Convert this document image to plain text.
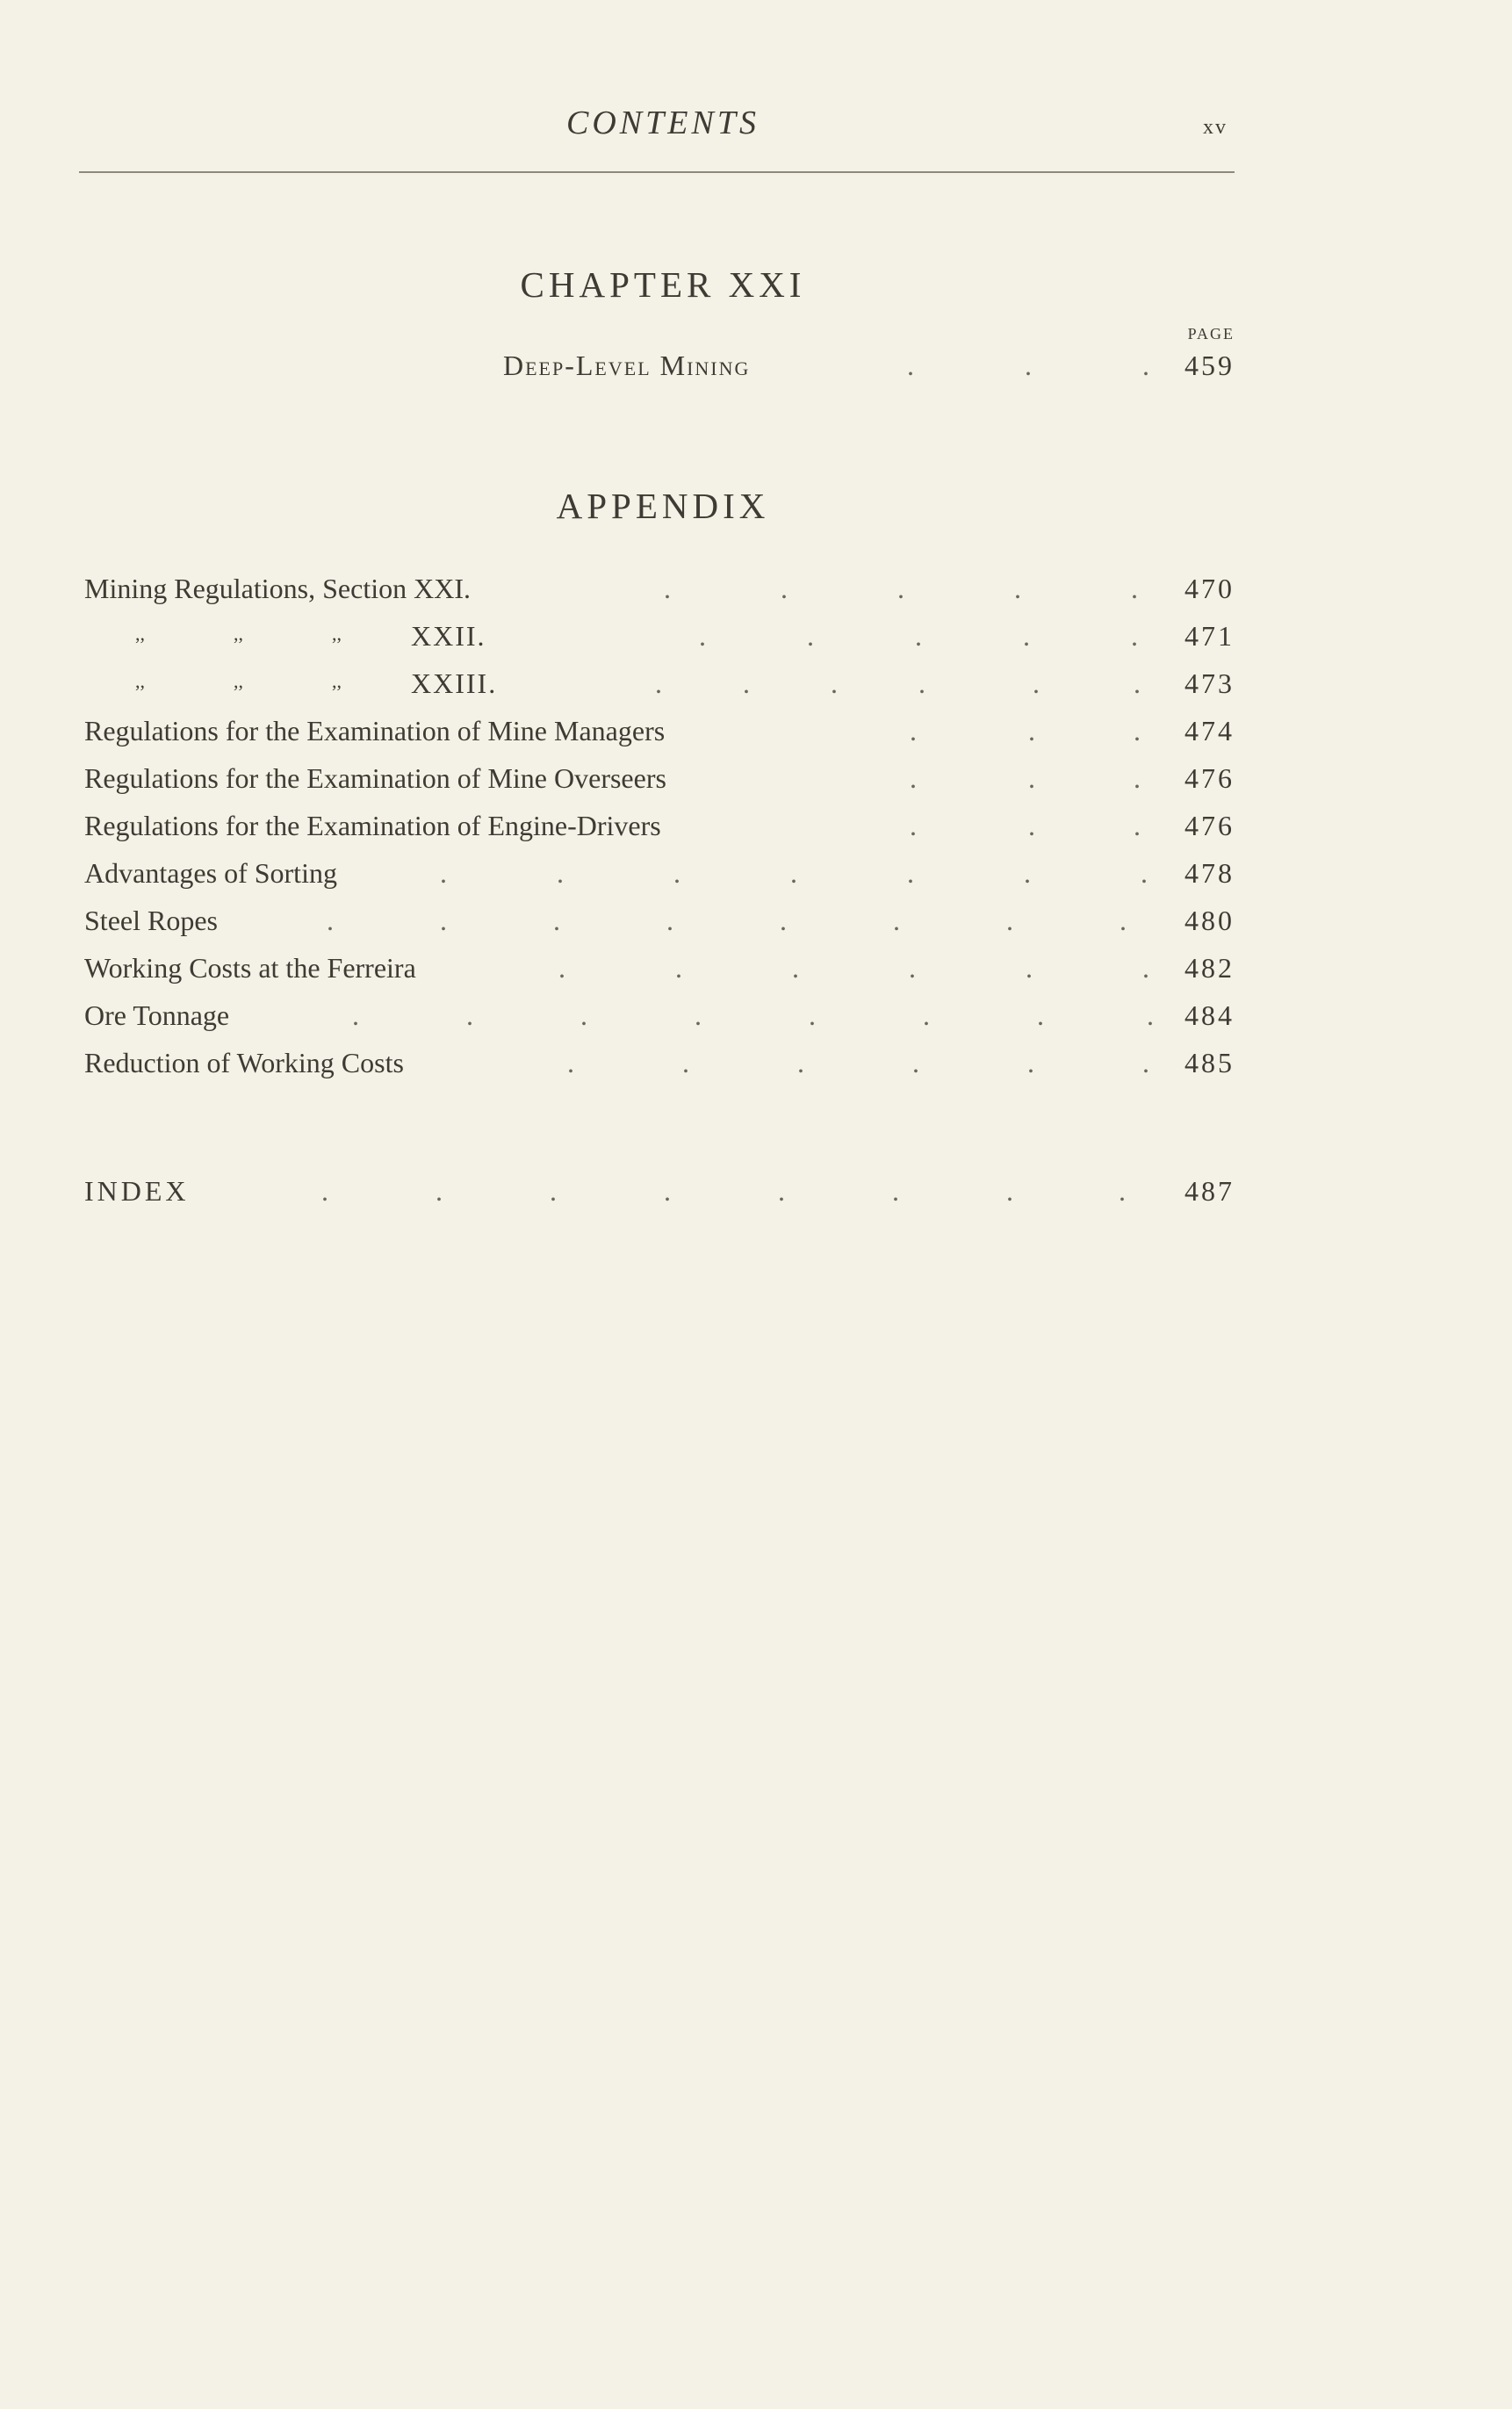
CONTENTS	xv
CHAPTER XXI
PAGE
Deep-Level Mining	.	.	. 459
APPENDIX
Mining Regulations, Section XXI.	.	.	.	.	. 470
,,	,,	,, XXII.	.	.	.	.	. 471
,,	,,	,, XXIII.	.	.	.	.	.	. 473
Regulations for the Examination of Mine Managers	.	.	. 474
Regulations for the Examination of Mine Overseers	.	.	. 476
Regulations for the Examination of Engine-Drivers	.	.	. 476
Advantages of Sorting	.	.	.	.	.	.	. 478
Steel Ropes	.	.	.	.	.	.	.	. 480
Working Costs at the Ferreira	.	.	.	.	.	. 482
Ore Tonnage	.	.	.	.	.	.	.	. 484
Reduction of Working Costs	.	.	.	.	.	. 485
INDEX	.	.	.	.	.	.	.	. 487
